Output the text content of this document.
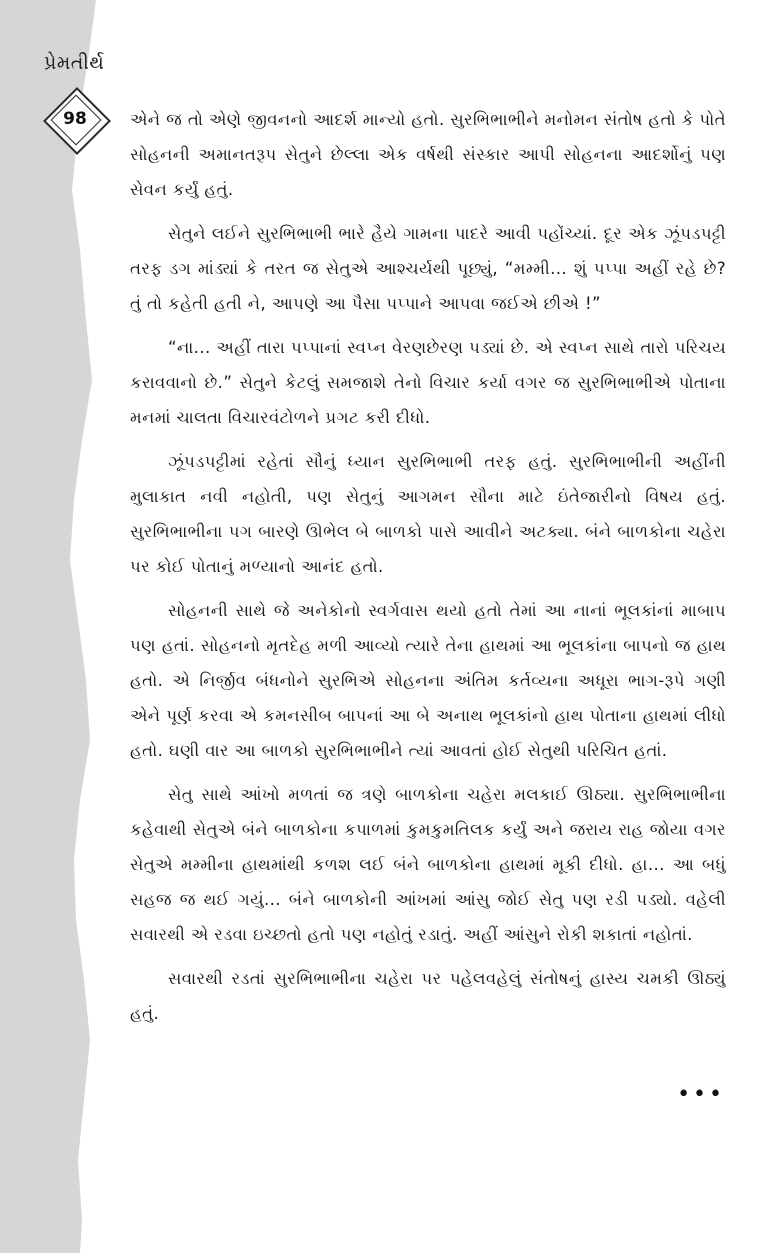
પ્રેમતીર્થ
98	એને જ તો એણે જીવનનો આદર્શ માન્યો હતો. સુરભિભાભીને મનોમન સંતોષ હતો કે પોતે સોહનની અમાનતરૂપ સેતુને છેલ્લા એક વર્ષથી સંસ્કાર આપી સોહનના આદર્શોનું પણ સેવન કર્યું હતું.

સેતુને લઈને સુરભિભાભી ભારે હૈયે ગામના પાદરે આવી પહોંચ્યાં. દૂર એક ઝૂંપડપટ્ટી તરફ ડગ માંડ્યાં કે તરત જ સેતુએ આશ્ચર્યથી પૂછ્યું, “મમ્મી... શું પપ્પા અહીં રહે છે? તું તો કહેતી હતી ને, આપણે આ પૈસા પપ્પાને આપવા જઈએ છીએ !”

“ના... અહીં તારા પપ્પાનાં સ્વપ્ન વેરણછેરણ પડ્યાં છે. એ સ્વપ્ન સાથે તારો પરિચય કરાવવાનો છે.” સેતુને કેટલું સમજાશે તેનો વિચાર કર્યા વગર જ સુરભિભાભીએ પોતાના મનમાં ચાલતા વિચારવંટોળને પ્રગટ કરી દીધો.

ઝૂંપડપટ્ટીમાં રહેતાં સૌનું ધ્યાન સુરભિભાભી તરફ હતું. સુરભિભાભીની અહીંની મુલાકાત નવી નહોતી, પણ સેતુનું આગમન સૌના માટે ઇંતેજારીનો વિષય હતું. સુરભિભાભીના પગ બારણે ઊભેલ બે બાળકો પાસે આવીને અટક્યા. બંને બાળકોના ચહેરા પર કોઈ પોતાનું મળ્યાનો આનંદ હતો.

સોહનની સાથે જે અનેકોનો સ્વર્ગવાસ થયો હતો તેમાં આ નાનાં ભૂલકાંનાં માબાપ પણ હતાં. સોહનનો મૃતદેહ મળી આવ્યો ત્યારે તેના હાથમાં આ ભૂલકાંના બાપનો જ હાથ હતો. એ નિર્જીવ બંધનોને સુરભિએ સોહનના અંતિમ કર્તવ્યના અધૂરા ભાગ-રૂપે ગણી એને પૂર્ણ કરવા એ કમનસીબ બાપનાં આ બે અનાથ ભૂલકાંનો હાથ પોતાના હાથમાં લીધો હતો. ઘણી વાર આ બાળકો સુરભિભાભીને ત્યાં આવતાં હોઈ સેતુથી પરિચિત હતાં.

સેતુ સાથે આંખો મળતાં જ ત્રણે બાળકોના ચહેરા મલકાઈ ઊઠ્યા. સુરભિભાભીના કહેવાથી સેતુએ બંને બાળકોના કપાળમાં કુમકુમતિલક કર્યું અને જરાય રાહ જોયા વગર સેતુએ મમ્મીના હાથમાંથી કળશ લઈ બંને બાળકોના હાથમાં મૂકી દીધો. હા... આ બધું સહજ જ થઈ ગયું... બંને બાળકોની આંખમાં આંસુ જોઈ સેતુ પણ રડી પડ્યો. વહેલી સવારથી એ રડવા ઇચ્છતો હતો પણ નહોતું રડાતું. અહીં આંસુને રોકી શકાતાં નહોતાં.

સવારથી રડતાં સુરભિભાભીના ચહેરા પર પહેલવહેલું સંતોષનું હાસ્ય ચમકી ઊઠ્યું હતું.

•••
